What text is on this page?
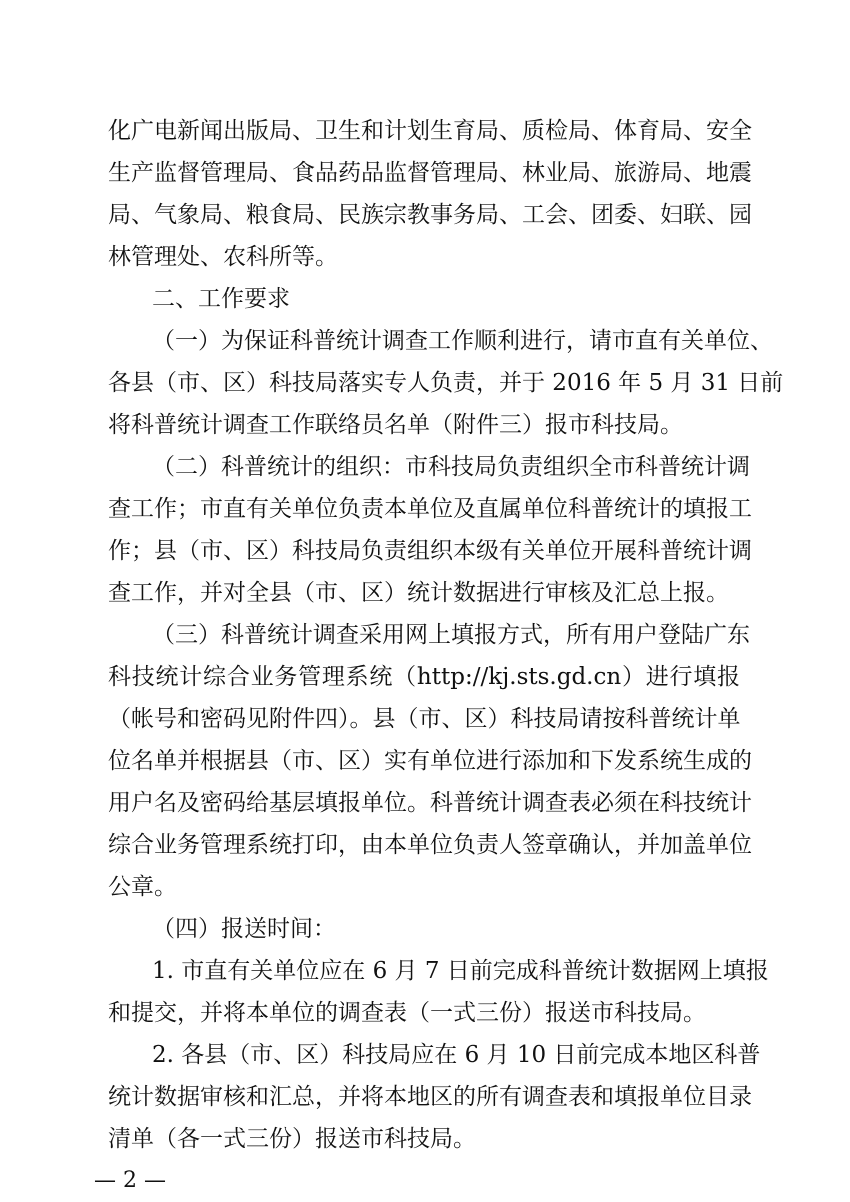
化广电新闻出版局、卫生和计划生育局、质检局、体育局、安全
生产监督管理局、食品药品监督管理局、林业局、旅游局、地震
局、气象局、粮食局、民族宗教事务局、工会、团委、妇联、园
林管理处、农科所等。
二、工作要求
（一）为保证科普统计调查工作顺利进行，请市直有关单位、
各县（市、区）科技局落实专人负责，并于 2016 年 5 月 31 日前
将科普统计调查工作联络员名单（附件三）报市科技局。
（二）科普统计的组织：市科技局负责组织全市科普统计调
查工作；市直有关单位负责本单位及直属单位科普统计的填报工
作；县（市、区）科技局负责组织本级有关单位开展科普统计调
查工作，并对全县（市、区）统计数据进行审核及汇总上报。
（三）科普统计调查采用网上填报方式，所有用户登陆广东
科技统计综合业务管理系统（http://kj.sts.gd.cn）进行填报
（帐号和密码见附件四）。县（市、区）科技局请按科普统计单
位名单并根据县（市、区）实有单位进行添加和下发系统生成的
用户名及密码给基层填报单位。科普统计调查表必须在科技统计
综合业务管理系统打印，由本单位负责人签章确认，并加盖单位
公章。
（四）报送时间：
1. 市直有关单位应在 6 月 7 日前完成科普统计数据网上填报
和提交，并将本单位的调查表（一式三份）报送市科技局。
2. 各县（市、区）科技局应在 6 月 10 日前完成本地区科普
统计数据审核和汇总，并将本地区的所有调查表和填报单位目录
清单（各一式三份）报送市科技局。
— 2 —
